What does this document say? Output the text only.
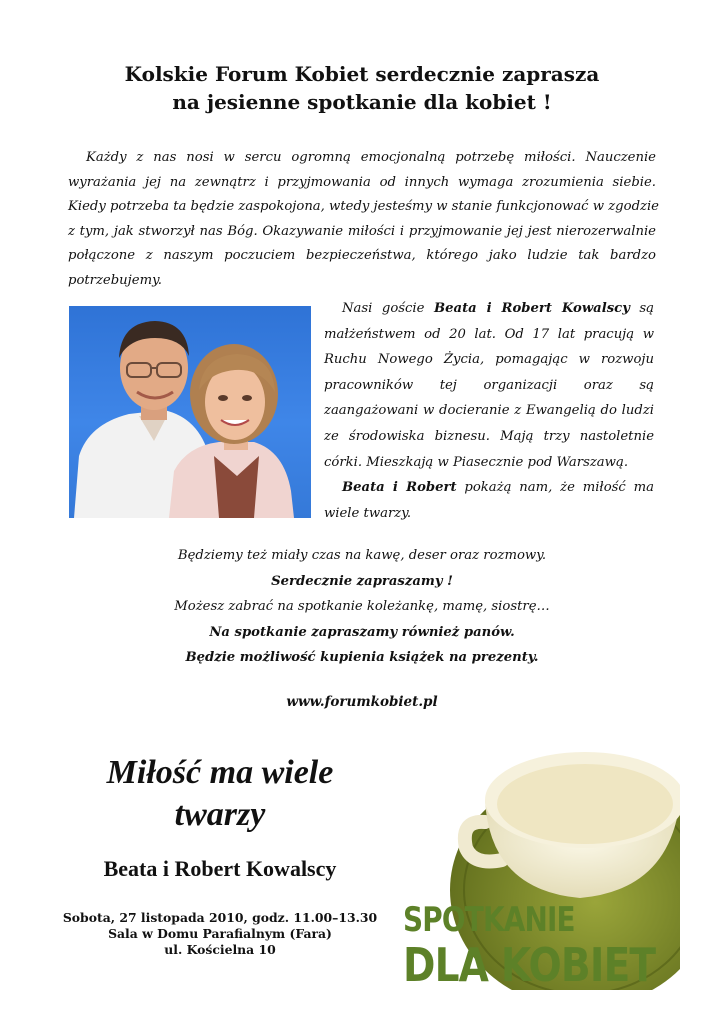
Kolskie Forum Kobiet serdecznie zaprasza
na jesienne spotkanie dla kobiet !
Każdy z nas nosi w sercu ogromną emocjonalną potrzebę miłości. Nauczenie
wyrażania jej na zewnątrz i przyjmowania od innych wymaga zrozumienia siebie.
Kiedy potrzeba ta będzie zaspokojona, wtedy jesteśmy w stanie funkcjonować w zgodzie
z tym, jak stworzył nas Bóg. Okazywanie miłości i przyjmowanie jej jest nierozerwalnie
połączone z naszym poczuciem bezpieczeństwa, którego jako ludzie tak bardzo
potrzebujemy.
Nasi goście Beata i Robert Kowalscy są
małżeństwem od 20 lat. Od 17 lat pracują w
Ruchu Nowego Życia, pomagając w rozwoju
pracowników tej organizacji oraz są
zaangażowani w docieranie z Ewangelią do ludzi
ze środowiska biznesu. Mają trzy nastoletnie
córki. Mieszkają w Piasecznie pod Warszawą.
Beata i Robert pokażą nam, że miłość ma
wiele twarzy.
Będziemy też miały czas na kawę, deser oraz rozmowy.
Serdecznie zapraszamy !
Możesz zabrać na spotkanie koleżankę, mamę, siostrę…
Na spotkanie zapraszamy również panów.
Będzie możliwość kupienia książek na prezenty.
www.forumkobiet.pl
Miłość ma wiele
twarzy
Beata i Robert Kowalscy
Sobota, 27 listopada 2010, godz. 11.00–13.30
Sala w Domu Parafialnym (Fara)
ul. Kościelna 10
SPOTKANIE
DLA KOBIET
